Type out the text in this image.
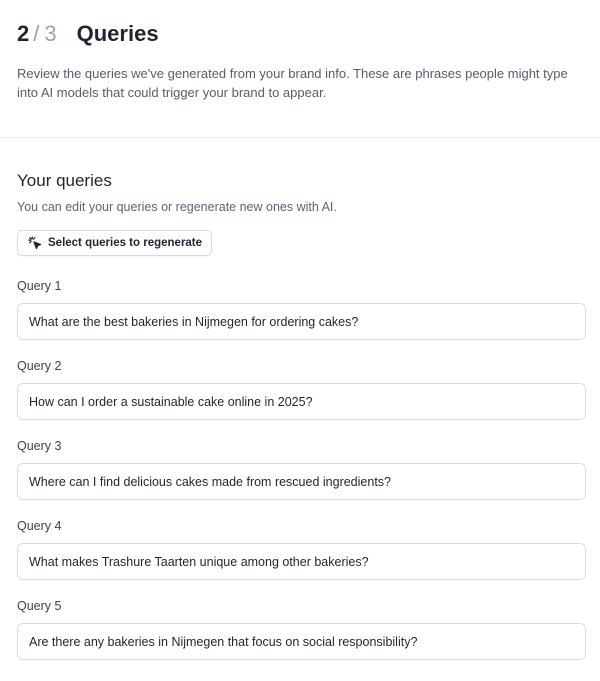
2 / 3 Queries
Review the queries we've generated from your brand info. These are phrases people might type into AI models that could trigger your brand to appear.
Your queries
You can edit your queries or regenerate new ones with AI.
Select queries to regenerate
Query 1
What are the best bakeries in Nijmegen for ordering cakes?
Query 2
How can I order a sustainable cake online in 2025?
Query 3
Where can I find delicious cakes made from rescued ingredients?
Query 4
What makes Trashure Taarten unique among other bakeries?
Query 5
Are there any bakeries in Nijmegen that focus on social responsibility?
